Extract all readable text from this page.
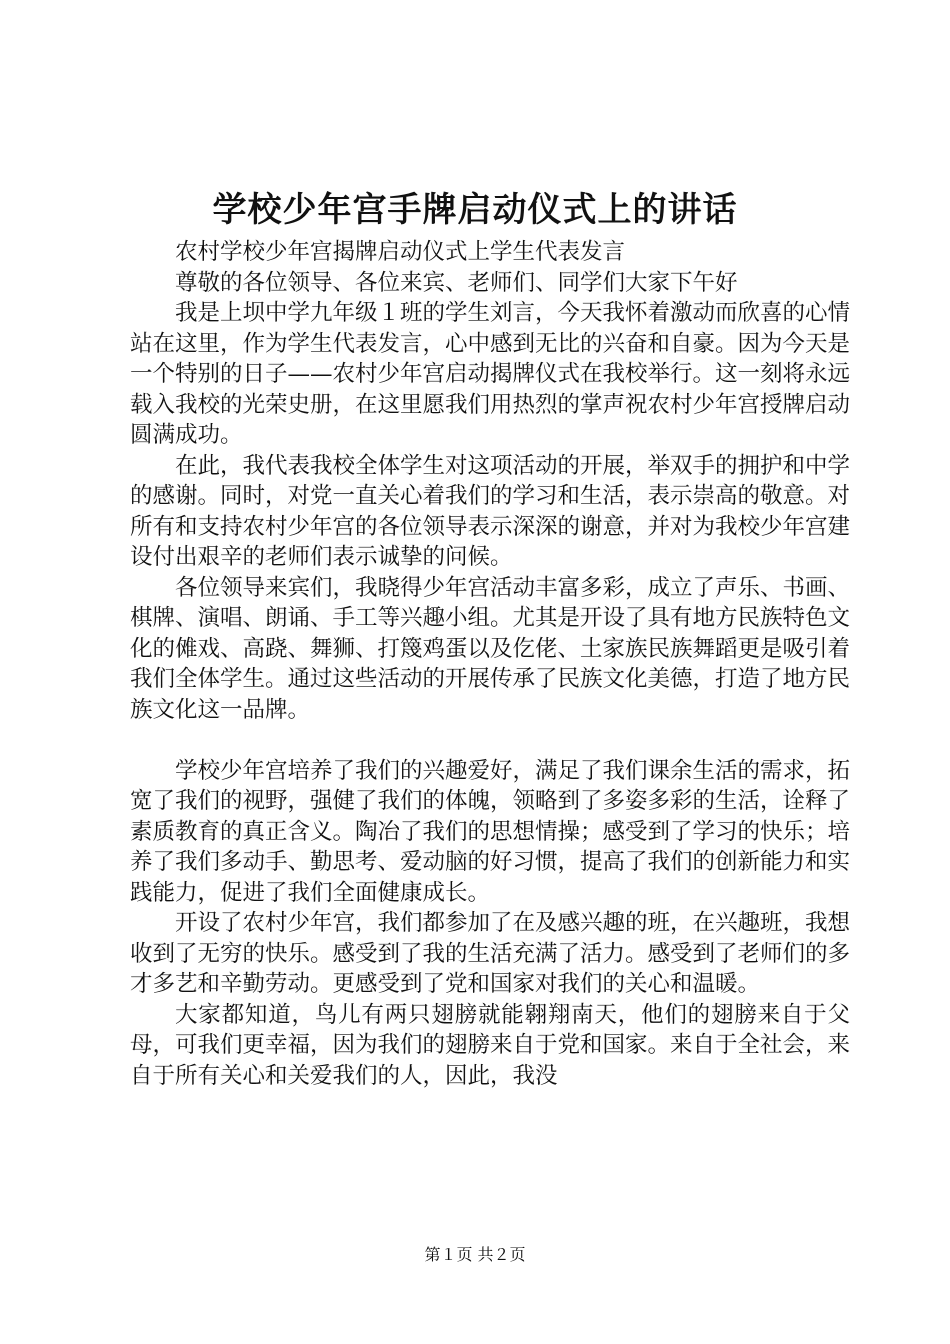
学校少年宫手牌启动仪式上的讲话

农村学校少年宫揭牌启动仪式上学生代表发言

尊敬的各位领导、各位来宾、老师们、同学们大家下午好

我是上坝中学九年级１班的学生刘言，今天我怀着激动而欣喜的心情站在这里，作为学生代表发言，心中感到无比的兴奋和自豪。因为今天是一个特别的日子——农村少年宫启动揭牌仪式在我校举行。这一刻将永远载入我校的光荣史册，在这里愿我们用热烈的掌声祝农村少年宫授牌启动圆满成功。

在此，我代表我校全体学生对这项活动的开展，举双手的拥护和中学的感谢。同时，对党一直关心着我们的学习和生活，表示崇高的敬意。对所有和支持农村少年宫的各位领导表示深深的谢意，并对为我校少年宫建设付出艰辛的老师们表示诚挚的问候。

各位领导来宾们，我晓得少年宫活动丰富多彩，成立了声乐、书画、棋牌、演唱、朗诵、手工等兴趣小组。尤其是开设了具有地方民族特色文化的傩戏、高跷、舞狮、打篾鸡蛋以及仡佬、土家族民族舞蹈更是吸引着我们全体学生。通过这些活动的开展传承了民族文化美德，打造了地方民族文化这一品牌。

学校少年宫培养了我们的兴趣爱好，满足了我们课余生活的需求，拓宽了我们的视野，强健了我们的体魄，领略到了多姿多彩的生活，诠释了素质教育的真正含义。陶冶了我们的思想情操；感受到了学习的快乐；培养了我们多动手、勤思考、爱动脑的好习惯，提高了我们的创新能力和实践能力，促进了我们全面健康成长。

开设了农村少年宫，我们都参加了在及感兴趣的班，在兴趣班，我想收到了无穷的快乐。感受到了我的生活充满了活力。感受到了老师们的多才多艺和辛勤劳动。更感受到了党和国家对我们的关心和温暖。

大家都知道，鸟儿有两只翅膀就能翱翔南天，他们的翅膀来自于父母，可我们更幸福，因为我们的翅膀来自于党和国家。来自于全社会，来自于所有关心和关爱我们的人，因此，我没

第１页 共２页
